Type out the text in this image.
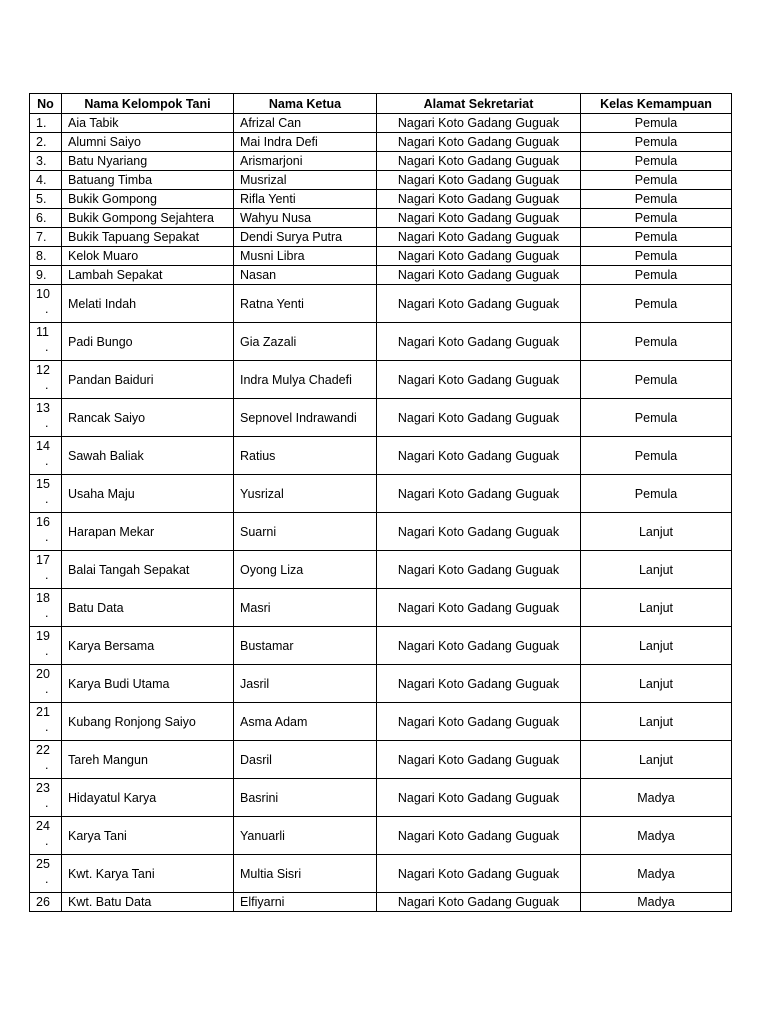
No	Nama Kelompok Tani	Nama Ketua	Alamat Sekretariat	Kelas Kemampuan

1.	Aia Tabik	Afrizal Can	Nagari Koto Gadang Guguak	Pemula

2.	Alumni Saiyo	Mai Indra Defi	Nagari Koto Gadang Guguak	Pemula

3.	Batu Nyariang	Arismarjoni	Nagari Koto Gadang Guguak	Pemula

4.	Batuang Timba	Musrizal	Nagari Koto Gadang Guguak	Pemula

5.	Bukik Gompong	Rifla Yenti	Nagari Koto Gadang Guguak	Pemula

6.	Bukik Gompong Sejahtera	Wahyu Nusa	Nagari Koto Gadang Guguak	Pemula

7.	Bukik Tapuang Sepakat	Dendi Surya Putra	Nagari Koto Gadang Guguak	Pemula

8.	Kelok Muaro	Musni Libra	Nagari Koto Gadang Guguak	Pemula

9.	Lambah Sepakat	Nasan	Nagari Koto Gadang Guguak	Pemula

10
.	Melati Indah	Ratna Yenti	Nagari Koto Gadang Guguak	Pemula

11
.	Padi Bungo	Gia Zazali	Nagari Koto Gadang Guguak	Pemula

12
.	Pandan Baiduri	Indra Mulya Chadefi	Nagari Koto Gadang Guguak	Pemula

13
.	Rancak Saiyo	Sepnovel Indrawandi	Nagari Koto Gadang Guguak	Pemula

14
.	Sawah Baliak	Ratius	Nagari Koto Gadang Guguak	Pemula

15
.	Usaha Maju	Yusrizal	Nagari Koto Gadang Guguak	Pemula

16
.	Harapan Mekar	Suarni	Nagari Koto Gadang Guguak	Lanjut

17
.	Balai Tangah Sepakat	Oyong Liza	Nagari Koto Gadang Guguak	Lanjut

18
.	Batu Data	Masri	Nagari Koto Gadang Guguak	Lanjut

19
.	Karya Bersama	Bustamar	Nagari Koto Gadang Guguak	Lanjut

20
.	Karya Budi Utama	Jasril	Nagari Koto Gadang Guguak	Lanjut

21
.	Kubang Ronjong Saiyo	Asma Adam	Nagari Koto Gadang Guguak	Lanjut

22
.	Tareh Mangun	Dasril	Nagari Koto Gadang Guguak	Lanjut

23
.	Hidayatul Karya	Basrini	Nagari Koto Gadang Guguak	Madya

24
.	Karya Tani	Yanuarli	Nagari Koto Gadang Guguak	Madya

25
.	Kwt. Karya Tani	Multia Sisri	Nagari Koto Gadang Guguak	Madya

26	Kwt. Batu Data	Elfiyarni	Nagari Koto Gadang Guguak	Madya
